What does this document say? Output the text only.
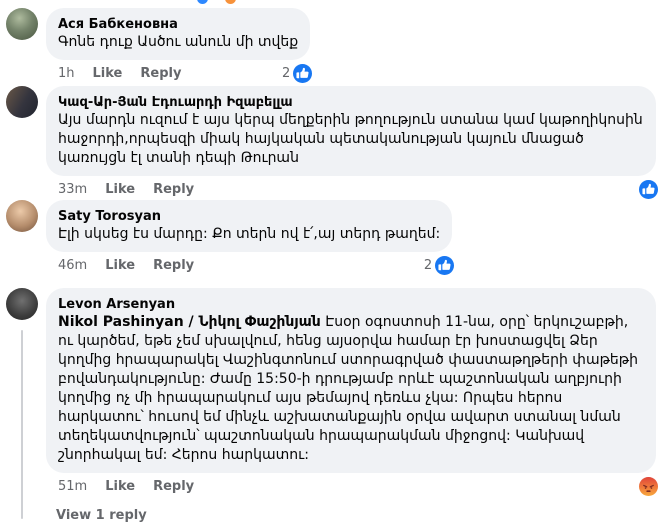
Ася Бабкеновна
Գոնե դուք Ասծու անուն մի տվեք
2
1h Like Reply
Կազ-Ար-Յան Էդուարդի Իզաբելլա
Այս մարդն ուզում է այս կերպ մեղքերին թողություն ստանա կամ կաթողիկոսին հաջորդի,որպեսզի միակ հայկական պետականության կայուն մնացած կառույցն էլ տանի դեպի Թուրան
33m Like Reply
Saty Torosyan
Էլի սկսեց էս մարդը: Քո տերն ով է՛,այ տերդ թաղեմ:
2
46m Like Reply
Levon Arsenyan
Nikol Pashinyan / Նիկոլ Փաշինյան Էսօր օգոստոսի 11-նա, օրը՝ երկուշաբթի, ու կարծեմ, եթե չեմ սխալվում, հենց այսօրվա համար էր խոստացվել Ձեր կողմից հրապարակել Վաշինգտոնում ստորագրված փաստաթղթերի փաթեթի բովանդակությունը: Ժամը 15:50-ի դրությամբ որևէ պաշտոնական աղբյուրի կողմից ոչ մի հրապարակում այս թեմայով դեռևս չկա: Որպես հերոս հարկատու՝ հուսով եմ մինչև աշխատանքային օրվա ավարտ ստանալ նման տեղեկատվություն՝ պաշտոնական հրապարակման միջոցով: Կանխավ շնորհակալ եմ: Հերոս հարկատու:
51m Like Reply
View 1 reply
